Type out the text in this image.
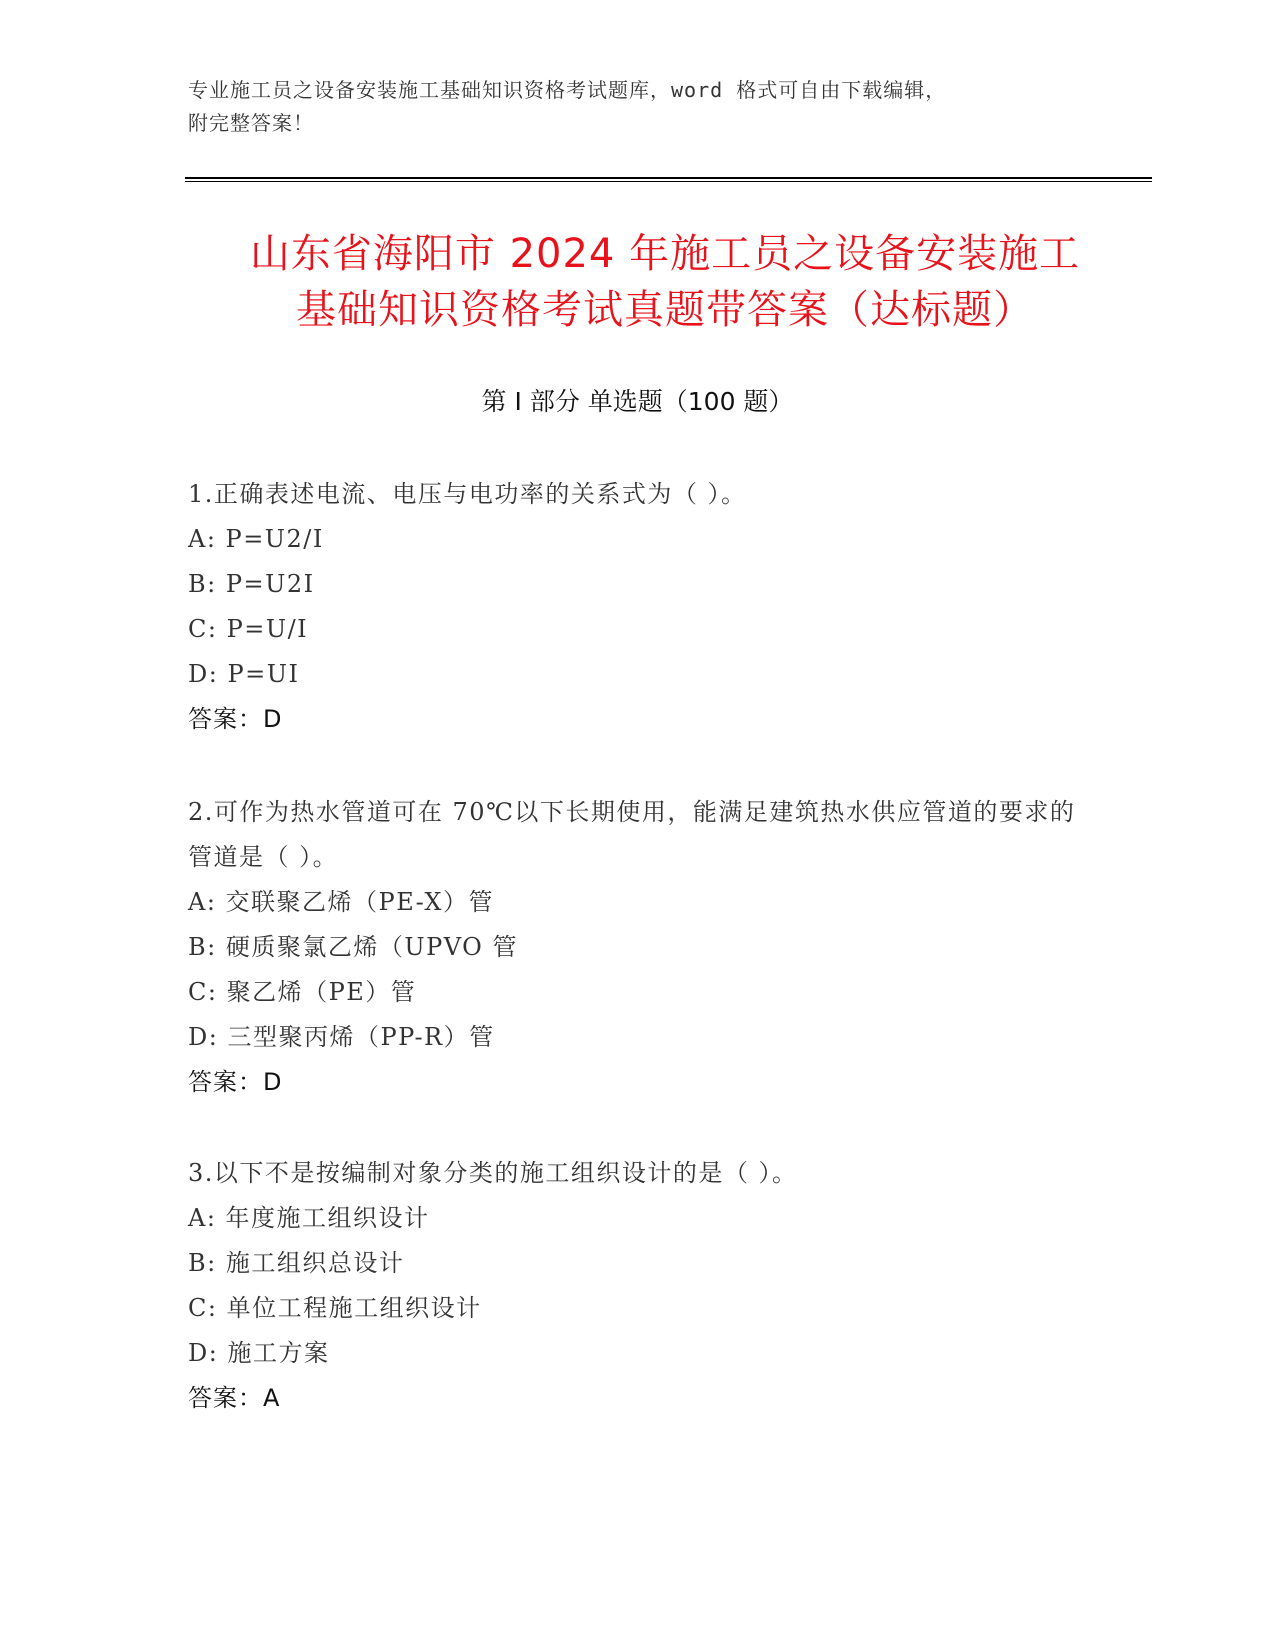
专业施工员之设备安装施工基础知识资格考试题库，word 格式可自由下载编辑，
附完整答案！
山东省海阳市 2024 年施工员之设备安装施工
基础知识资格考试真题带答案（达标题）
第 I 部分 单选题（100 题）
1.正确表述电流、电压与电功率的关系式为（ ）。
A: P=U2/I
B: P=U2I
C: P=U/I
D: P=UI
答案：D
2.可作为热水管道可在 70℃以下长期使用，能满足建筑热水供应管道的要求的管道是（ ）。
A: 交联聚乙烯（PE-X）管
B: 硬质聚氯乙烯（UPVO 管
C: 聚乙烯（PE）管
D: 三型聚丙烯（PP-R）管
答案：D
3.以下不是按编制对象分类的施工组织设计的是（ ）。
A: 年度施工组织设计
B: 施工组织总设计
C: 单位工程施工组织设计
D: 施工方案
答案：A
